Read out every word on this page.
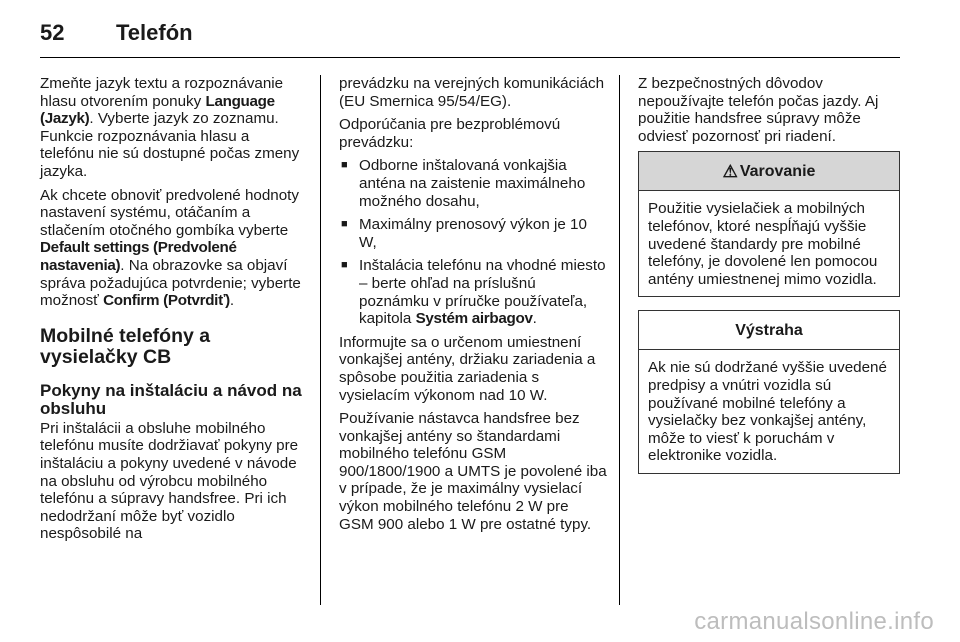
52	Telefón

Zmeňte jazyk textu a rozpoznávanie hlasu otvorením ponuky Language (Jazyk). Vyberte jazyk zo zoznamu. Funkcie rozpoznávania hlasu a telefónu nie sú dostupné počas zmeny jazyka.

Ak chcete obnoviť predvolené hodnoty nastavení systému, otáčaním a stlačením otočného gombíka vyberte Default settings (Predvolené nastavenia). Na obrazovke sa objaví správa požadujúca potvrdenie; vyberte možnosť Confirm (Potvrdiť).

Mobilné telefóny a vysielačky CB
Pokyny na inštaláciu a návod na obsluhu

Pri inštalácii a obsluhe mobilného telefónu musíte dodržiavať pokyny pre inštaláciu a pokyny uvedené v návode na obsluhu od výrobcu mobilného telefónu a súpravy handsfree. Pri ich nedodržaní môže byť vozidlo nespôsobilé na

prevádzku na verejných komunikáciách (EU Smernica 95/54/EG).

Odporúčania pre bezproblémovú prevádzku:

■ Odborne inštalovaná vonkajšia anténa na zaistenie maximálneho možného dosahu,
■ Maximálny prenosový výkon je 10 W,
■ Inštalácia telefónu na vhodné miesto – berte ohľad na príslušnú poznámku v príručke používateľa, kapitola Systém airbagov.

Informujte sa o určenom umiestnení vonkajšej antény, držiaku zariadenia a spôsobe použitia zariadenia s vysielacím výkonom nad 10 W.

Používanie nástavca handsfree bez vonkajšej antény so štandardami mobilného telefónu GSM 900/1800/1900 a UMTS je povolené iba v prípade, že je maximálny vysielací výkon mobilného telefónu 2 W pre GSM 900 alebo 1 W pre ostatné typy.

Z bezpečnostných dôvodov nepoužívajte telefón počas jazdy. Aj použitie handsfree súpravy môže odviesť pozornosť pri riadení.

⚠ Varovanie
Použitie vysielačiek a mobilných telefónov, ktoré nespĺňajú vyššie uvedené štandardy pre mobilné telefóny, je dovolené len pomocou antény umiestnenej mimo vozidla.
Výstraha
Ak nie sú dodržané vyššie uvedené predpisy a vnútri vozidla sú používané mobilné telefóny a vysielačky bez vonkajšej antény, môže to viesť k poruchám v elektronike vozidla.
carmanualsonline.info
